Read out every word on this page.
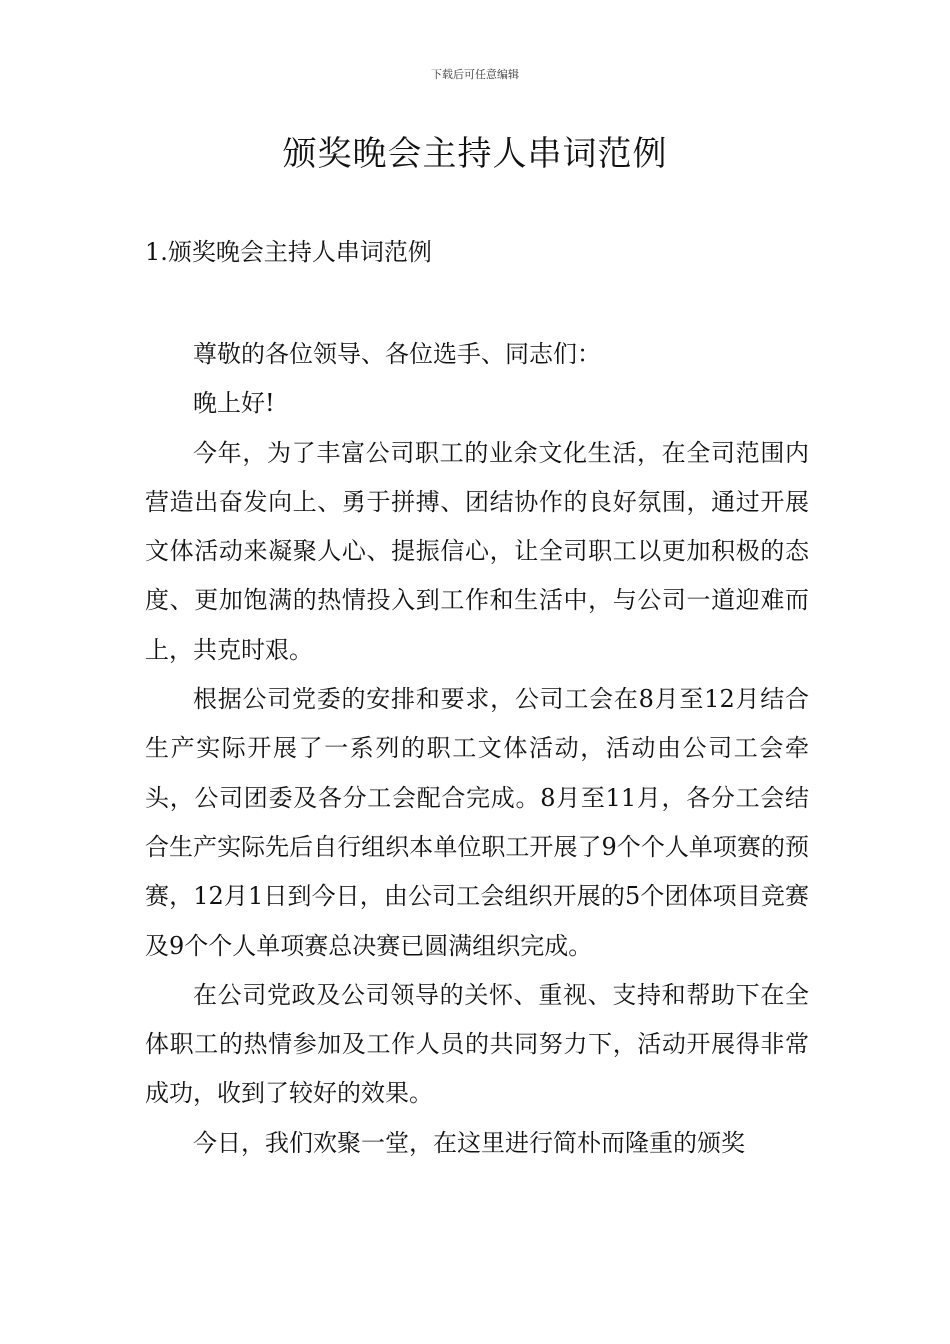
下载后可任意编辑
颁奖晚会主持人串词范例
1.颁奖晚会主持人串词范例

尊敬的各位领导、各位选手、同志们：

晚上好!

今年，为了丰富公司职工的业余文化生活，在全司范围内营造出奋发向上、勇于拼搏、团结协作的良好氛围，通过开展文体活动来凝聚人心、提振信心，让全司职工以更加积极的态度、更加饱满的热情投入到工作和生活中，与公司一道迎难而上，共克时艰。

根据公司党委的安排和要求，公司工会在8月至12月结合生产实际开展了一系列的职工文体活动，活动由公司工会牵头，公司团委及各分工会配合完成。8月至11月，各分工会结合生产实际先后自行组织本单位职工开展了9个个人单项赛的预赛，12月1日到今日，由公司工会组织开展的5个团体项目竞赛及9个个人单项赛总决赛已圆满组织完成。

在公司党政及公司领导的关怀、重视、支持和帮助下在全体职工的热情参加及工作人员的共同努力下，活动开展得非常成功，收到了较好的效果。

今日，我们欢聚一堂，在这里进行简朴而隆重的颁奖
